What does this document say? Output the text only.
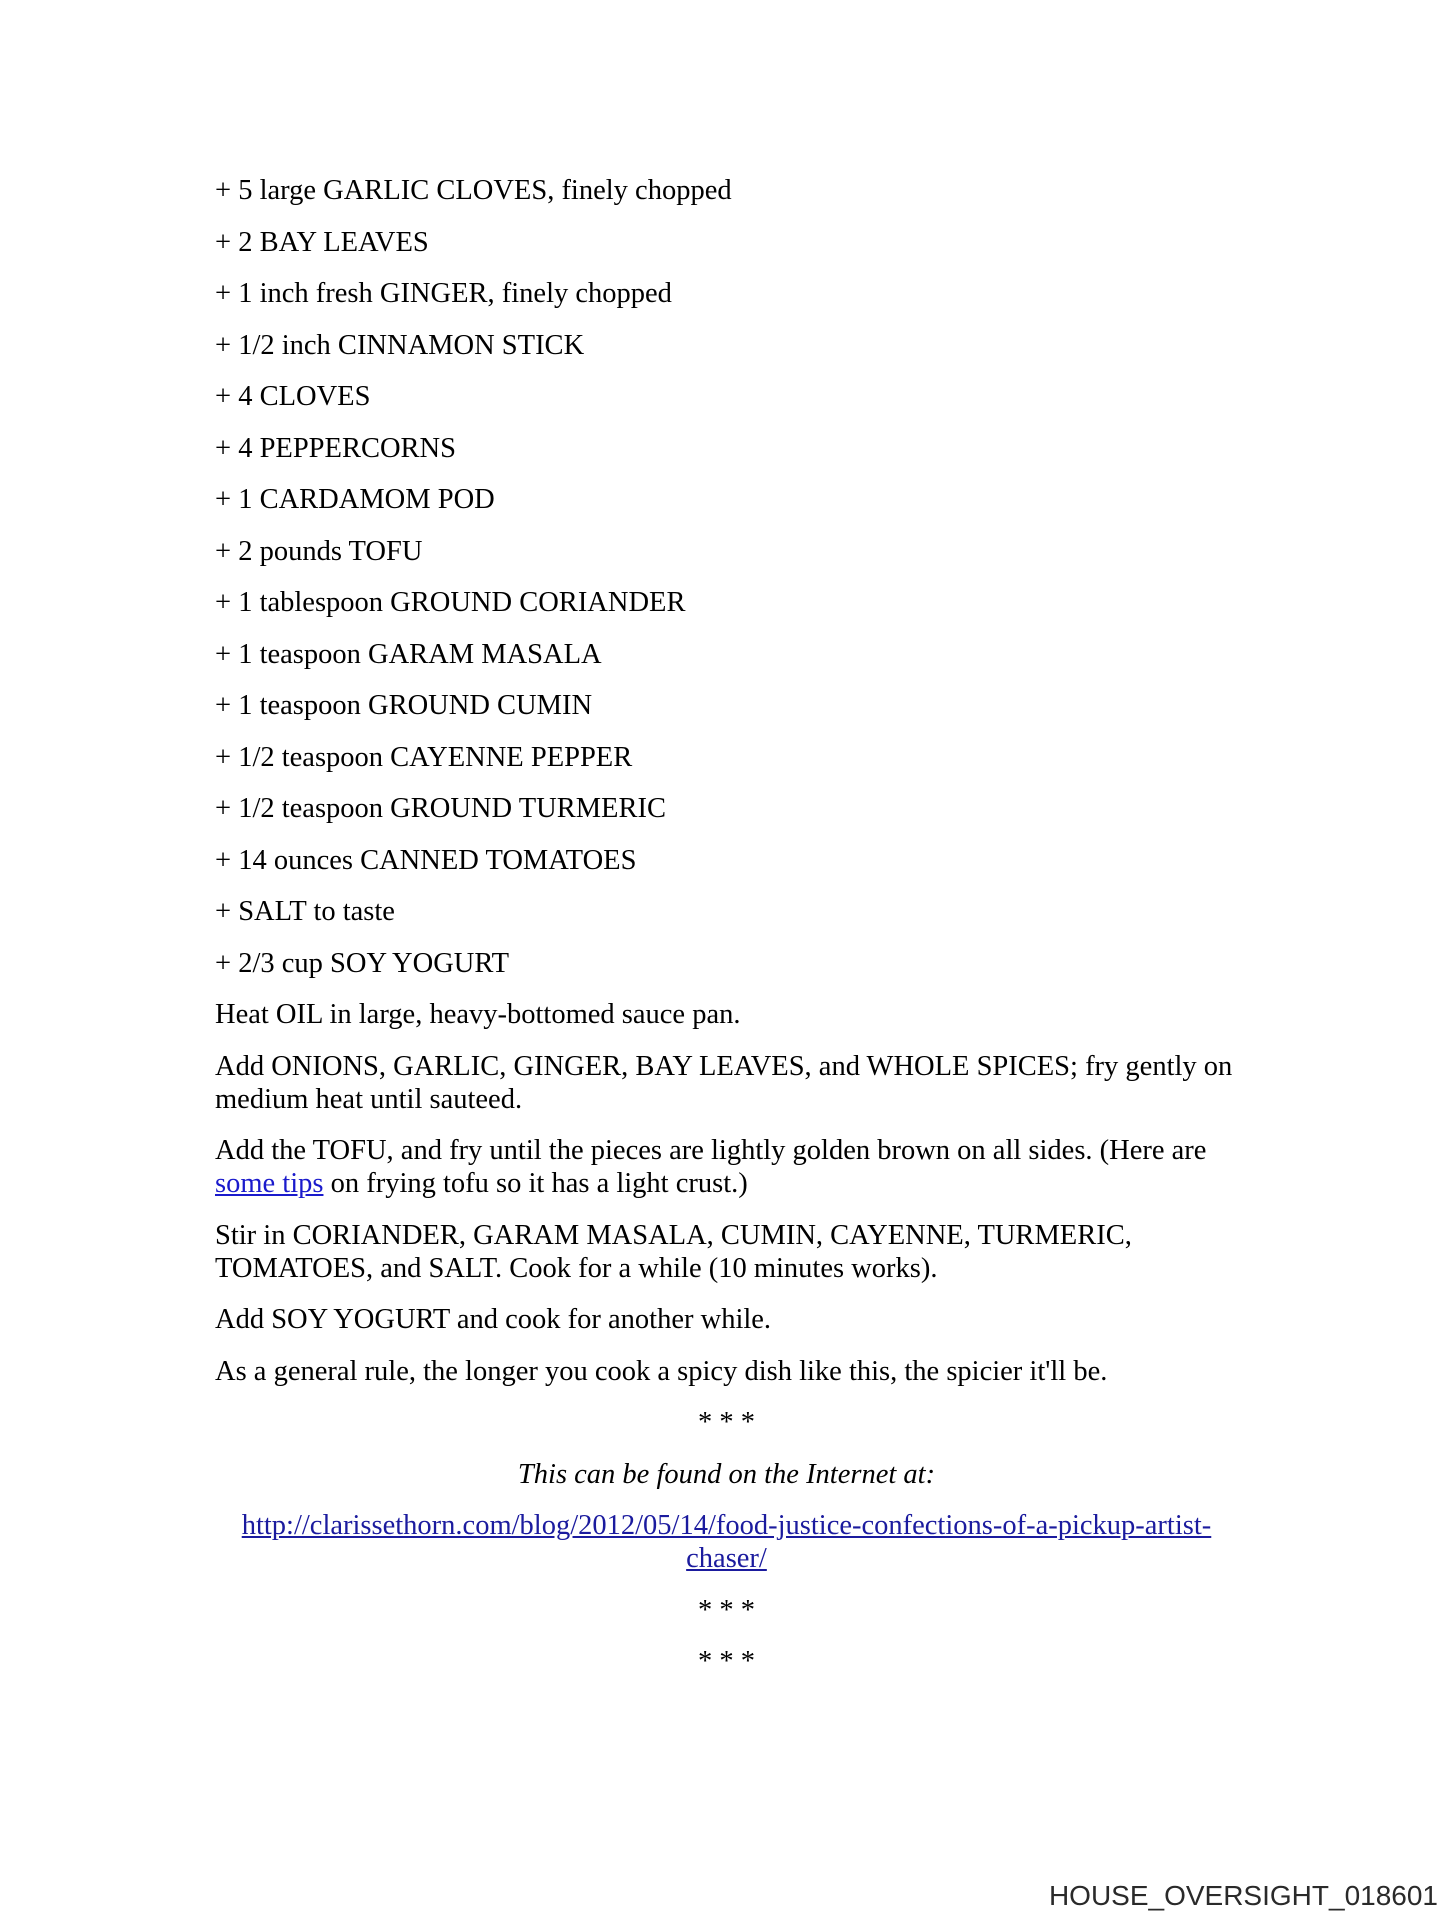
+ 5 large GARLIC CLOVES, finely chopped
+ 2 BAY LEAVES
+ 1 inch fresh GINGER, finely chopped
+ 1/2 inch CINNAMON STICK
+ 4 CLOVES
+ 4 PEPPERCORNS
+ 1 CARDAMOM POD
+ 2 pounds TOFU
+ 1 tablespoon GROUND CORIANDER
+ 1 teaspoon GARAM MASALA
+ 1 teaspoon GROUND CUMIN
+ 1/2 teaspoon CAYENNE PEPPER
+ 1/2 teaspoon GROUND TURMERIC
+ 14 ounces CANNED TOMATOES
+ SALT to taste
+ 2/3 cup SOY YOGURT
Heat OIL in large, heavy-bottomed sauce pan.
Add ONIONS, GARLIC, GINGER, BAY LEAVES, and WHOLE SPICES; fry gently on
medium heat until sauteed.
Add the TOFU, and fry until the pieces are lightly golden brown on all sides. (Here are
some tips on frying tofu so it has a light crust.)
Stir in CORIANDER, GARAM MASALA, CUMIN, CAYENNE, TURMERIC,
TOMATOES, and SALT. Cook for a while (10 minutes works).
Add SOY YOGURT and cook for another while.
As a general rule, the longer you cook a spicy dish like this, the spicier it'll be.
* * *
This can be found on the Internet at:
http://clarissethorn.com/blog/2012/05/14/food-justice-confections-of-a-pickup-artist-
chaser/
* * *
* * *
HOUSE_OVERSIGHT_018601
